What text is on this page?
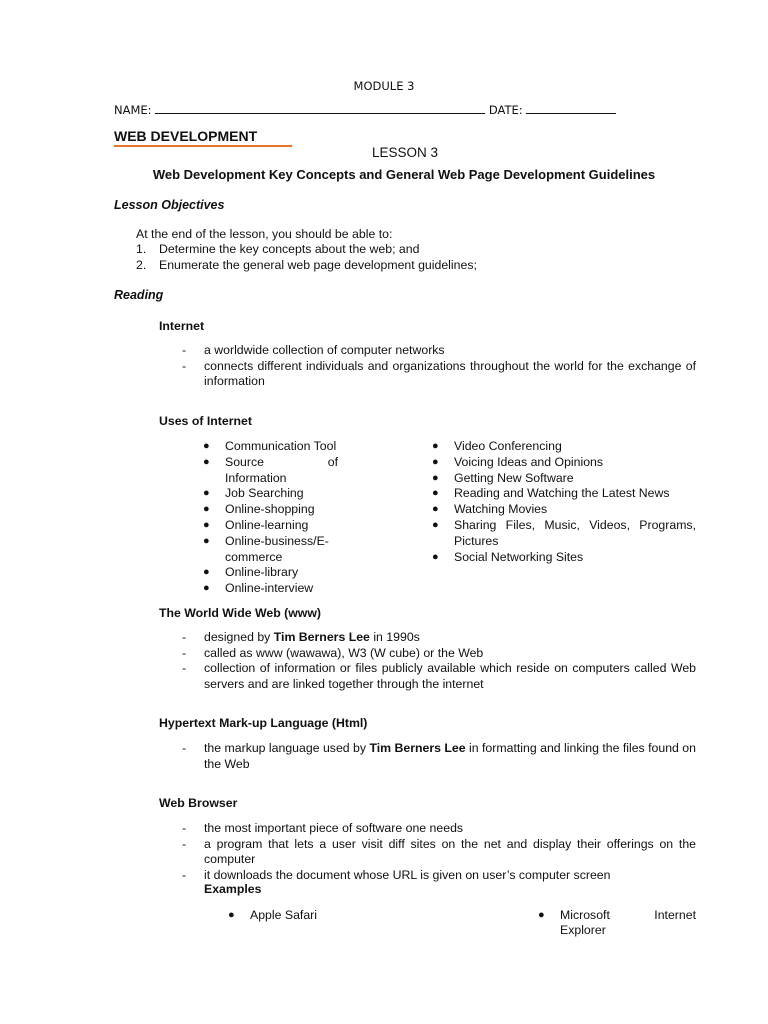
MODULE 3
NAME:	DATE:
WEB DEVELOPMENT
LESSON 3
Web Development Key Concepts and General Web Page Development Guidelines
Lesson Objectives
At the end of the lesson, you should be able to:
1.	Determine the key concepts about the web; and
2.	Enumerate the general web page development guidelines;
Reading
Internet
-	a worldwide collection of computer networks
-	connects different individuals and organizations throughout the world for the exchange of information
Uses of Internet
●	Communication Tool
●	Source of Information
●	Job Searching
●	Online-shopping
●	Online-learning
●	Online-business/E-commerce
●	Online-library
●	Online-interview
●	Video Conferencing
●	Voicing Ideas and Opinions
●	Getting New Software
●	Reading and Watching the Latest News
●	Watching Movies
●	Sharing Files, Music, Videos, Programs, Pictures
●	Social Networking Sites
The World Wide Web (www)
-	designed by Tim Berners Lee in 1990s
-	called as www (wawawa), W3 (W cube) or the Web
-	collection of information or files publicly available which reside on computers called Web servers and are linked together through the internet
Hypertext Mark-up Language (Html)
-	the markup language used by Tim Berners Lee in formatting and linking the files found on the Web
Web Browser
-	the most important piece of software one needs
-	a program that lets a user visit diff sites on the net and display their offerings on the computer
-	it downloads the document whose URL is given on user’s computer screen
Examples
●	Apple Safari	●	Microsoft Internet Explorer
